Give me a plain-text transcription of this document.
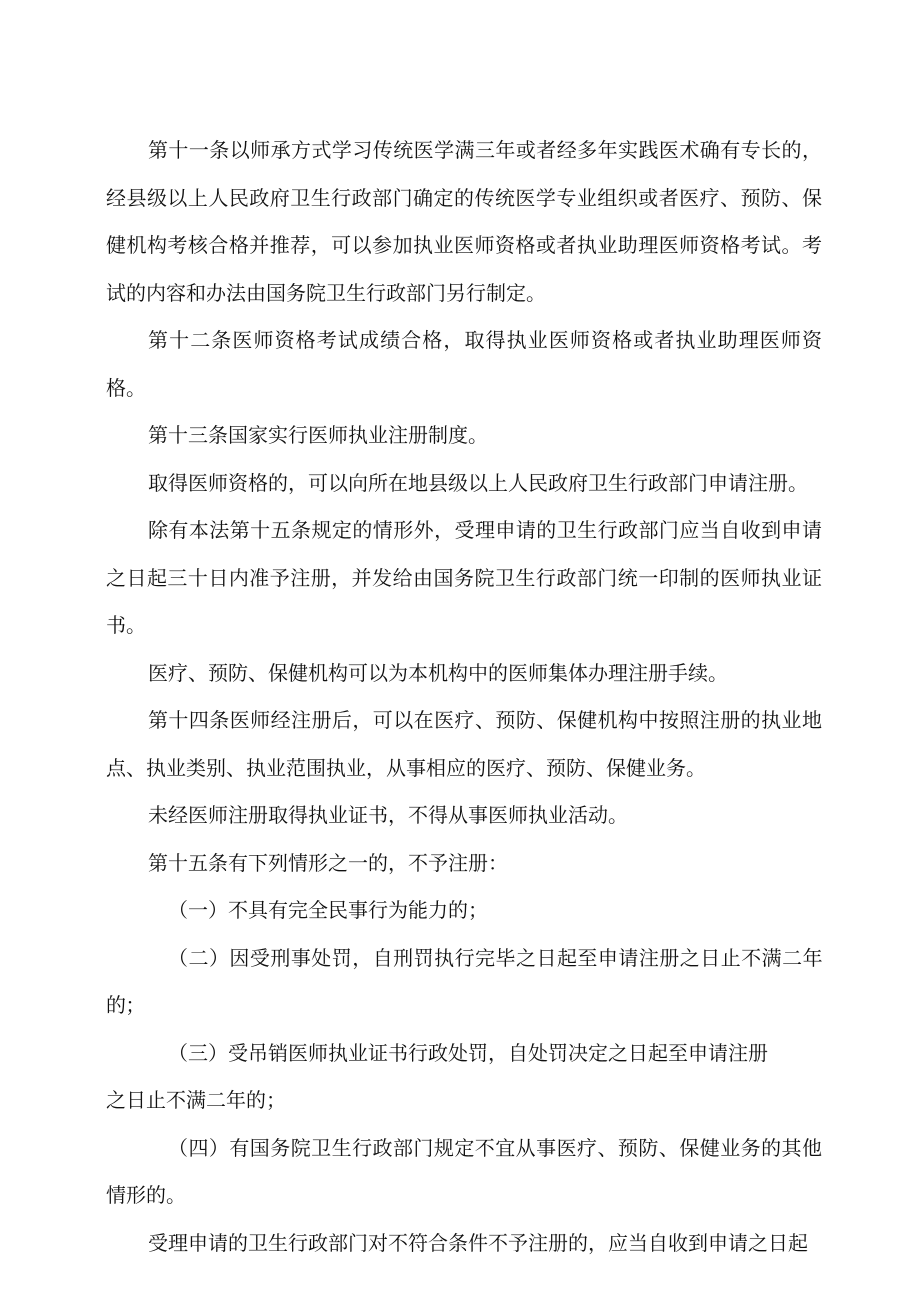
第十一条以师承方式学习传统医学满三年或者经多年实践医术确有专长的，经县级以上人民政府卫生行政部门确定的传统医学专业组织或者医疗、预防、保健机构考核合格并推荐，可以参加执业医师资格或者执业助理医师资格考试。考试的内容和办法由国务院卫生行政部门另行制定。

第十二条医师资格考试成绩合格，取得执业医师资格或者执业助理医师资格。

第十三条国家实行医师执业注册制度。

取得医师资格的，可以向所在地县级以上人民政府卫生行政部门申请注册。

除有本法第十五条规定的情形外，受理申请的卫生行政部门应当自收到申请之日起三十日内准予注册，并发给由国务院卫生行政部门统一印制的医师执业证书。

医疗、预防、保健机构可以为本机构中的医师集体办理注册手续。

第十四条医师经注册后，可以在医疗、预防、保健机构中按照注册的执业地点、执业类别、执业范围执业，从事相应的医疗、预防、保健业务。

未经医师注册取得执业证书，不得从事医师执业活动。

第十五条有下列情形之一的，不予注册：

（一）不具有完全民事行为能力的；

（二）因受刑事处罚，自刑罚执行完毕之日起至申请注册之日止不满二年的；

（三）受吊销医师执业证书行政处罚，自处罚决定之日起至申请注册

之日止不满二年的；

（四）有国务院卫生行政部门规定不宜从事医疗、预防、保健业务的其他情形的。

受理申请的卫生行政部门对不符合条件不予注册的，应当自收到申请之日起
